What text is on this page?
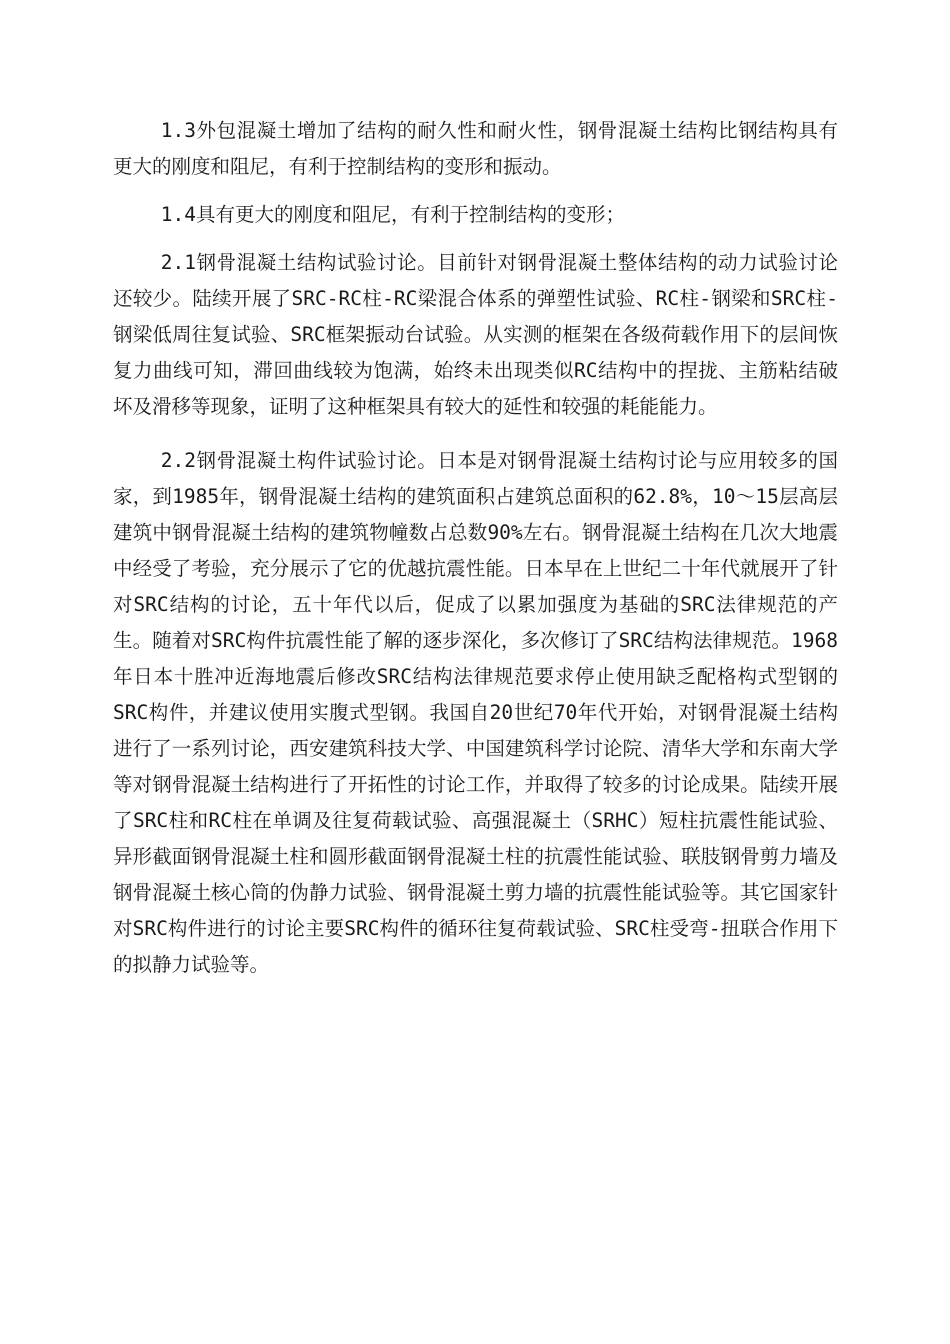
1.3外包混凝土增加了结构的耐久性和耐火性，钢骨混凝土结构比钢结构具有更大的刚度和阻尼，有利于控制结构的变形和振动。

1.4具有更大的刚度和阻尼，有利于控制结构的变形；

2.1钢骨混凝土结构试验讨论。目前针对钢骨混凝土整体结构的动力试验讨论还较少。陆续开展了SRC-RC柱-RC梁混合体系的弹塑性试验、RC柱-钢梁和SRC柱-钢梁低周往复试验、SRC框架振动台试验。从实测的框架在各级荷载作用下的层间恢复力曲线可知，滞回曲线较为饱满，始终未出现类似RC结构中的捏拢、主筋粘结破坏及滑移等现象，证明了这种框架具有较大的延性和较强的耗能能力。

2.2钢骨混凝土构件试验讨论。日本是对钢骨混凝土结构讨论与应用较多的国家，到1985年，钢骨混凝土结构的建筑面积占建筑总面积的62.8%，10～15层高层建筑中钢骨混凝土结构的建筑物幢数占总数90%左右。钢骨混凝土结构在几次大地震中经受了考验，充分展示了它的优越抗震性能。日本早在上世纪二十年代就展开了针对SRC结构的讨论，五十年代以后，促成了以累加强度为基础的SRC法律规范的产生。随着对SRC构件抗震性能了解的逐步深化，多次修订了SRC结构法律规范。1968年日本十胜冲近海地震后修改SRC结构法律规范要求停止使用缺乏配格构式型钢的SRC构件，并建议使用实腹式型钢。我国自20世纪70年代开始，对钢骨混凝土结构进行了一系列讨论，西安建筑科技大学、中国建筑科学讨论院、清华大学和东南大学等对钢骨混凝土结构进行了开拓性的讨论工作，并取得了较多的讨论成果。陆续开展了SRC柱和RC柱在单调及往复荷载试验、高强混凝土（SRHC）短柱抗震性能试验、异形截面钢骨混凝土柱和圆形截面钢骨混凝土柱的抗震性能试验、联肢钢骨剪力墙及钢骨混凝土核心筒的伪静力试验、钢骨混凝土剪力墙的抗震性能试验等。其它国家针对SRC构件进行的讨论主要SRC构件的循环往复荷载试验、SRC柱受弯-扭联合作用下的拟静力试验等。
